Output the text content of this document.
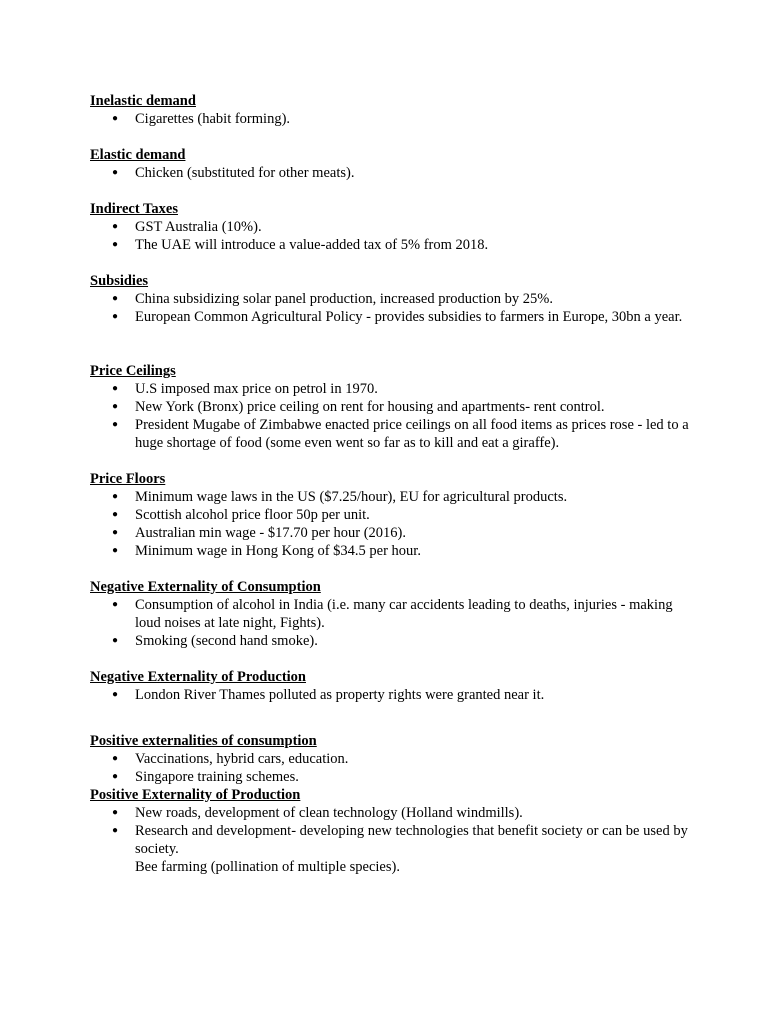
Inelastic demand
● Cigarettes (habit forming).
Elastic demand
● Chicken (substituted for other meats).
Indirect Taxes
● GST Australia (10%).
● The UAE will introduce a value-added tax of 5% from 2018.
Subsidies
● China subsidizing solar panel production, increased production by 25%.
● European Common Agricultural Policy - provides subsidies to farmers in Europe, 30bn a year.
Price Ceilings
● U.S imposed max price on petrol in 1970.
● New York (Bronx) price ceiling on rent for housing and apartments- rent control.
● President Mugabe of Zimbabwe enacted price ceilings on all food items as prices rose - led to a huge shortage of food (some even went so far as to kill and eat a giraffe).
Price Floors
● Minimum wage laws in the US ($7.25/hour), EU for agricultural products.
● Scottish alcohol price floor 50p per unit.
● Australian min wage - $17.70 per hour (2016).
● Minimum wage in Hong Kong of $34.5 per hour.
Negative Externality of Consumption
● Consumption of alcohol in India (i.e. many car accidents leading to deaths, injuries - making loud noises at late night, Fights).
● Smoking (second hand smoke).
Negative Externality of Production
● London River Thames polluted as property rights were granted near it.
Positive externalities of consumption
● Vaccinations, hybrid cars, education.
● Singapore training schemes.
Positive Externality of Production
● New roads, development of clean technology (Holland windmills).
● Research and development- developing new technologies that benefit society or can be used by society.
Bee farming (pollination of multiple species).
